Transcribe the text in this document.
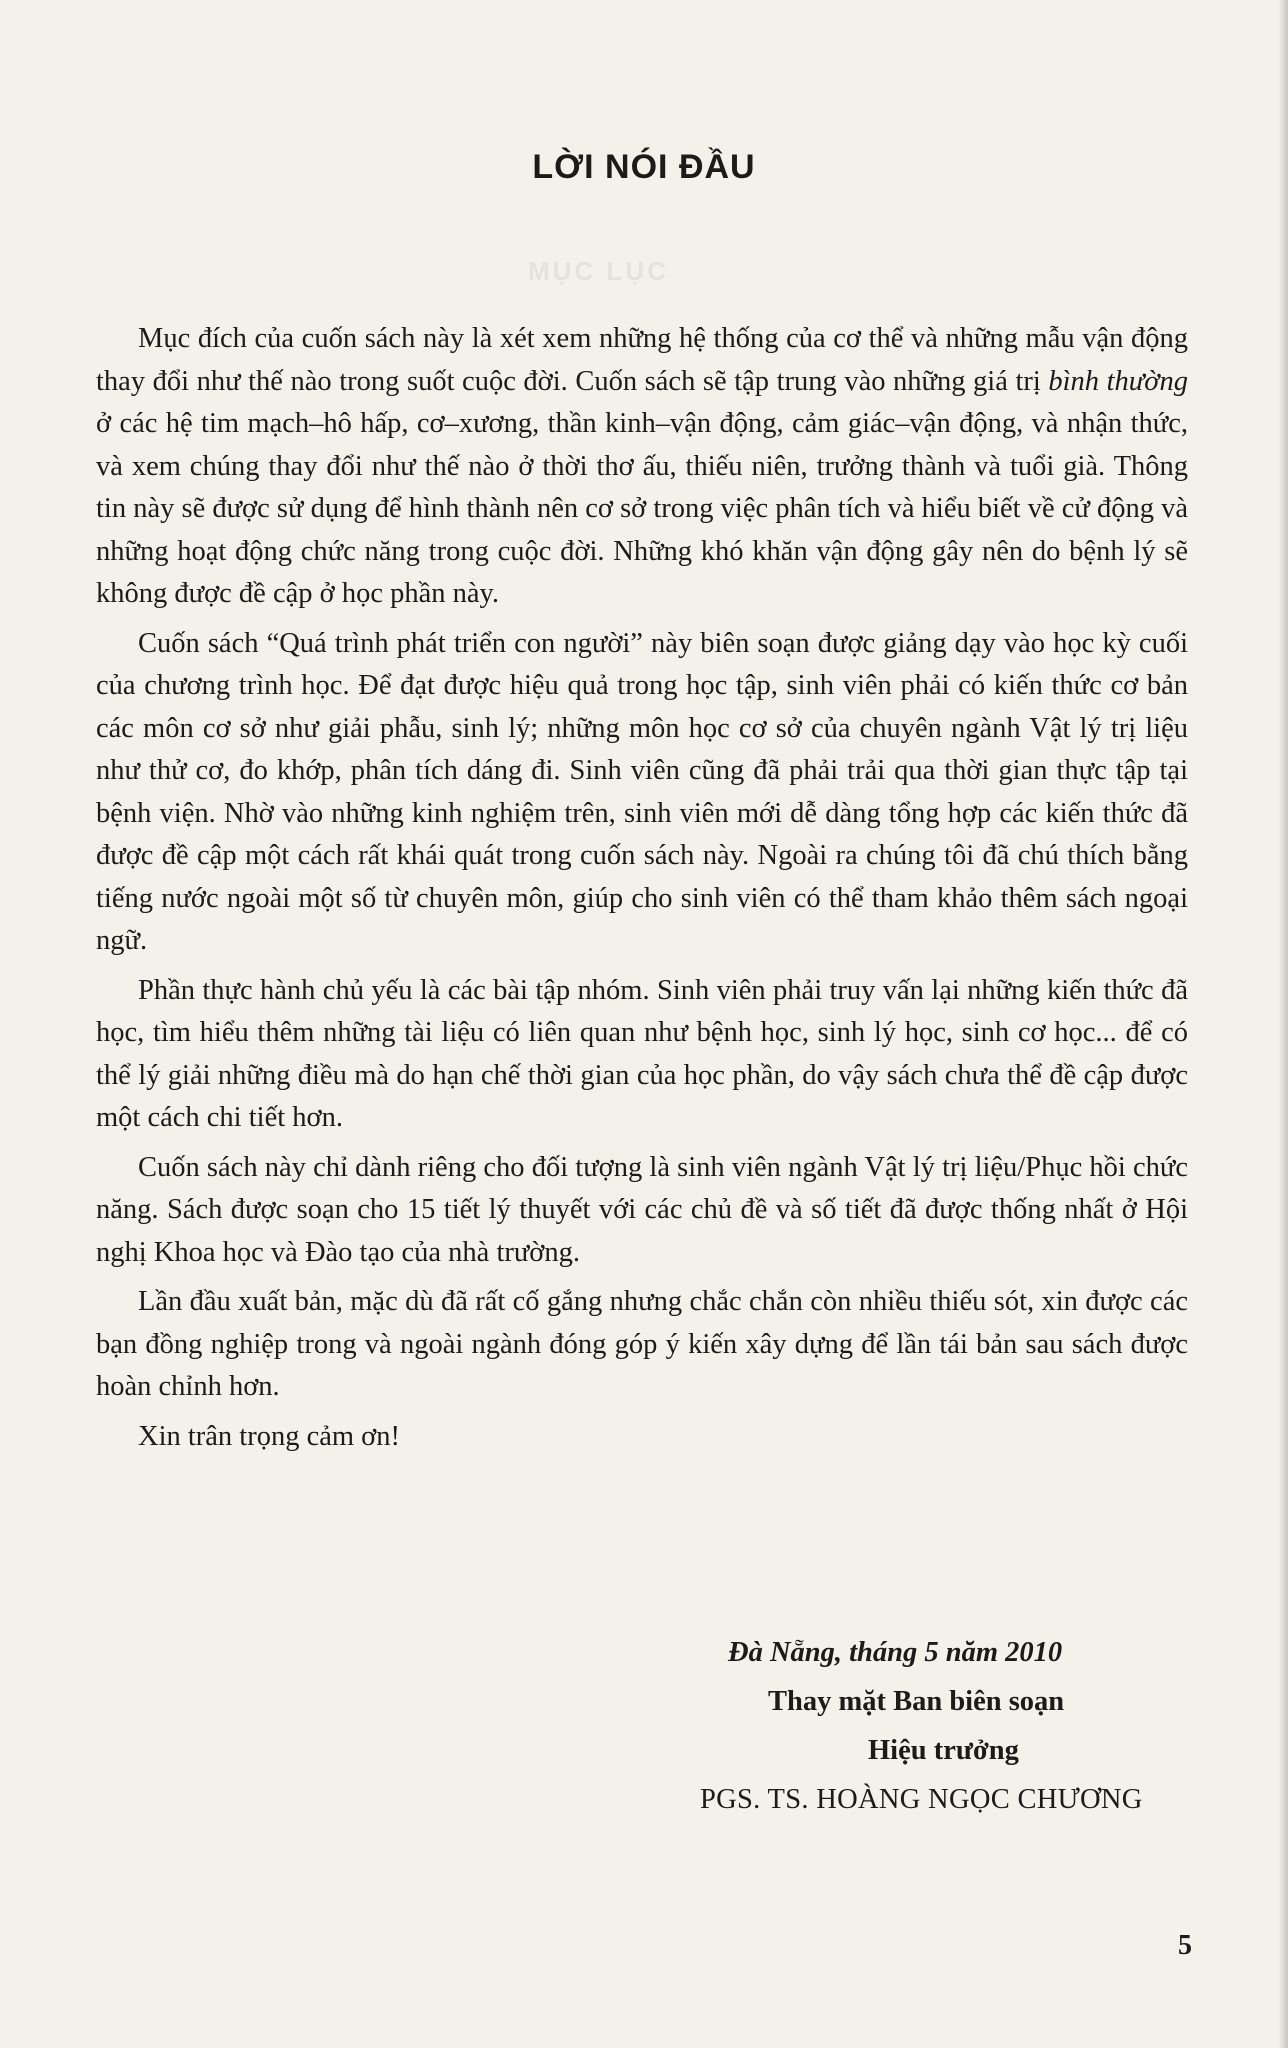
LỜI NÓI ĐẦU
MỤC LỤC

Mục đích của cuốn sách này là xét xem những hệ thống của cơ thể và những mẫu vận động thay đổi như thế nào trong suốt cuộc đời. Cuốn sách sẽ tập trung vào những giá trị bình thường ở các hệ tim mạch–hô hấp, cơ–xương, thần kinh–vận động, cảm giác–vận động, và nhận thức, và xem chúng thay đổi như thế nào ở thời thơ ấu, thiếu niên, trưởng thành và tuổi già. Thông tin này sẽ được sử dụng để hình thành nên cơ sở trong việc phân tích và hiểu biết về cử động và những hoạt động chức năng trong cuộc đời. Những khó khăn vận động gây nên do bệnh lý sẽ không được đề cập ở học phần này.

Cuốn sách “Quá trình phát triển con người” này biên soạn được giảng dạy vào học kỳ cuối của chương trình học. Để đạt được hiệu quả trong học tập, sinh viên phải có kiến thức cơ bản các môn cơ sở như giải phẫu, sinh lý; những môn học cơ sở của chuyên ngành Vật lý trị liệu như thử cơ, đo khớp, phân tích dáng đi. Sinh viên cũng đã phải trải qua thời gian thực tập tại bệnh viện. Nhờ vào những kinh nghiệm trên, sinh viên mới dễ dàng tổng hợp các kiến thức đã được đề cập một cách rất khái quát trong cuốn sách này. Ngoài ra chúng tôi đã chú thích bằng tiếng nước ngoài một số từ chuyên môn, giúp cho sinh viên có thể tham khảo thêm sách ngoại ngữ.

Phần thực hành chủ yếu là các bài tập nhóm. Sinh viên phải truy vấn lại những kiến thức đã học, tìm hiểu thêm những tài liệu có liên quan như bệnh học, sinh lý học, sinh cơ học... để có thể lý giải những điều mà do hạn chế thời gian của học phần, do vậy sách chưa thể đề cập được một cách chi tiết hơn.

Cuốn sách này chỉ dành riêng cho đối tượng là sinh viên ngành Vật lý trị liệu/Phục hồi chức năng. Sách được soạn cho 15 tiết lý thuyết với các chủ đề và số tiết đã được thống nhất ở Hội nghị Khoa học và Đào tạo của nhà trường.

Lần đầu xuất bản, mặc dù đã rất cố gắng nhưng chắc chắn còn nhiều thiếu sót, xin được các bạn đồng nghiệp trong và ngoài ngành đóng góp ý kiến xây dựng để lần tái bản sau sách được hoàn chỉnh hơn.

Xin trân trọng cảm ơn!

Đà Nẵng, tháng 5 năm 2010
Thay mặt Ban biên soạn
Hiệu trưởng
PGS. TS. HOÀNG NGỌC CHƯƠNG
5
